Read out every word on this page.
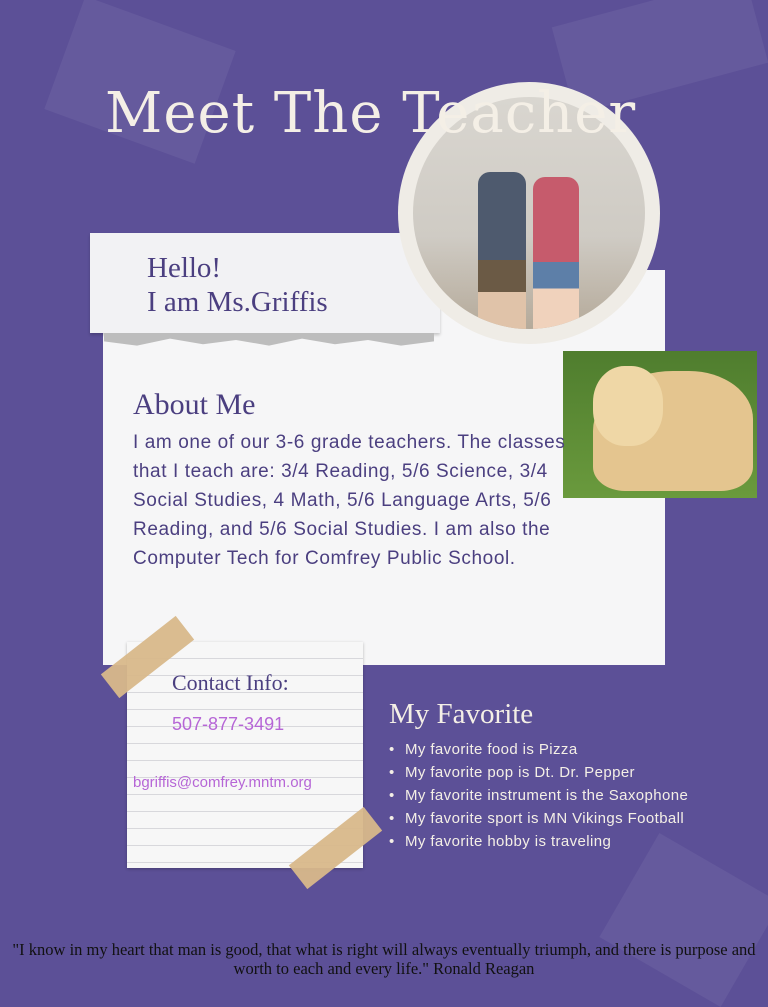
Hello!
I am Ms.Griffis
Meet The Teacher
About Me
I am one of our 3-6 grade teachers. The classes that I teach are: 3/4 Reading, 5/6 Science, 3/4 Social Studies, 4 Math, 5/6 Language Arts, 5/6 Reading, and 5/6 Social Studies. I am also the Computer Tech for Comfrey Public School.
Contact Info:
507-877-3491
bgriffis@comfrey.mntm.org
My Favorite
• My favorite food is Pizza
• My favorite pop is Dt. Dr. Pepper
• My favorite instrument is the Saxophone
• My favorite sport is MN Vikings Football
• My favorite hobby is traveling
"I know in my heart that man is good, that what is right will always eventually triumph, and there is purpose and worth to each and every life." Ronald Reagan
